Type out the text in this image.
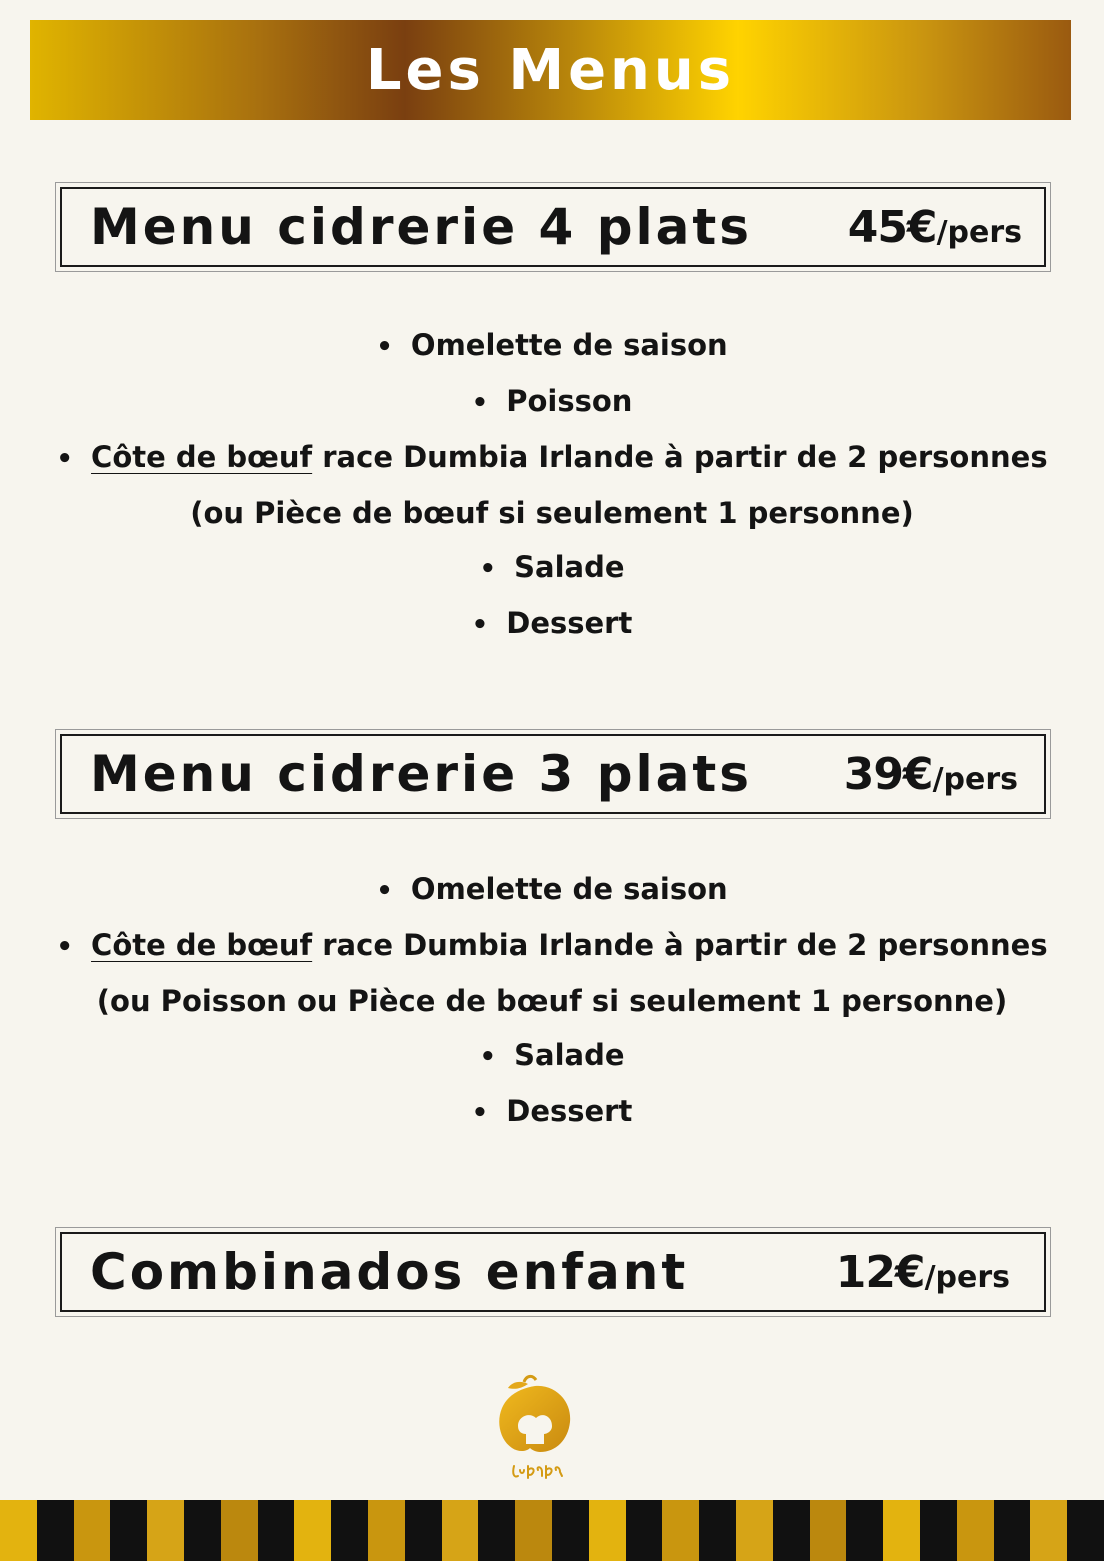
Les Menus
Menu cidrerie 4 plats 45€/pers
• Omelette de saison
• Poisson
• Côte de bœuf race Dumbia Irlande à partir de 2 personnes
(ou Pièce de bœuf si seulement 1 personne)
• Salade
• Dessert
Menu cidrerie 3 plats 39€/pers
• Omelette de saison
• Côte de bœuf race Dumbia Irlande à partir de 2 personnes
(ou Poisson ou Pièce de bœuf si seulement 1 personne)
• Salade
• Dessert
Combinados enfant	12€/pers
